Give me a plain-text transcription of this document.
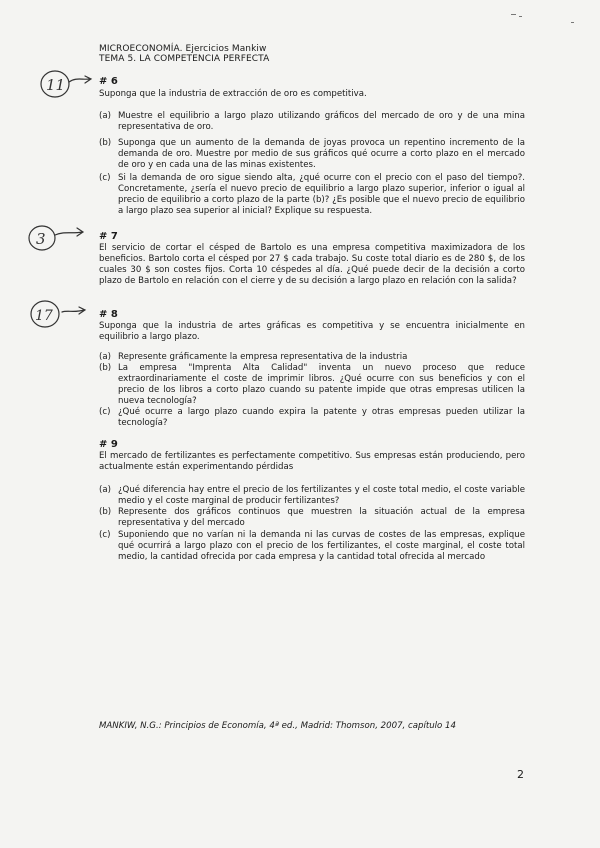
MICROECONOMÍA. Ejercicios Mankiw
TEMA 5. LA COMPETENCIA PERFECTA
11	# 6
Suponga que la industria de extracción de oro es competitiva.
(a) Muestre el equilibrio a largo plazo utilizando gráficos del mercado de oro y de una mina representativa de oro.
(b) Suponga que un aumento de la demanda de joyas provoca un repentino incremento de la demanda de oro. Muestre por medio de sus gráficos qué ocurre a corto plazo en el mercado de oro y en cada una de las minas existentes.
(c) Si la demanda de oro sigue siendo alta, ¿qué ocurre con el precio con el paso del tiempo?. Concretamente, ¿sería el nuevo precio de equilibrio a largo plazo superior, inferior o igual al precio de equilibrio a corto plazo de la parte (b)? ¿Es posible que el nuevo precio de equilibrio a largo plazo sea superior al inicial? Explique su respuesta.
3	# 7
El servicio de cortar el césped de Bartolo es una empresa competitiva maximizadora de los beneficios. Bartolo corta el césped por 27 $ cada trabajo. Su coste total diario es de 280 $, de los cuales 30 $ son costes fijos. Corta 10 céspedes al día. ¿Qué puede decir de la decisión a corto plazo de Bartolo en relación con el cierre y de su decisión a largo plazo en relación con la salida?
17	# 8
Suponga que la industria de artes gráficas es competitiva y se encuentra inicialmente en equilibrio a largo plazo.
(a) Represente gráficamente la empresa representativa de la industria
(b) La empresa "Imprenta Alta Calidad" inventa un nuevo proceso que reduce extraordinariamente el coste de imprimir libros. ¿Qué ocurre con sus beneficios y con el precio de los libros a corto plazo cuando su patente impide que otras empresas utilicen la nueva tecnología?
(c) ¿Qué ocurre a largo plazo cuando expira la patente y otras empresas pueden utilizar la tecnología?
# 9
El mercado de fertilizantes es perfectamente competitivo. Sus empresas están produciendo, pero actualmente están experimentando pérdidas
(a) ¿Qué diferencia hay entre el precio de los fertilizantes y el coste total medio, el coste variable medio y el coste marginal de producir fertilizantes?
(b) Represente dos gráficos continuos que muestren la situación actual de la empresa representativa y del mercado
(c) Suponiendo que no varían ni la demanda ni las curvas de costes de las empresas, explique qué ocurrirá a largo plazo con el precio de los fertilizantes, el coste marginal, el coste total medio, la cantidad ofrecida por cada empresa y la cantidad total ofrecida al mercado
MANKIW, N.G.: Principios de Economía, 4ª ed., Madrid: Thomson, 2007, capítulo 14
2
